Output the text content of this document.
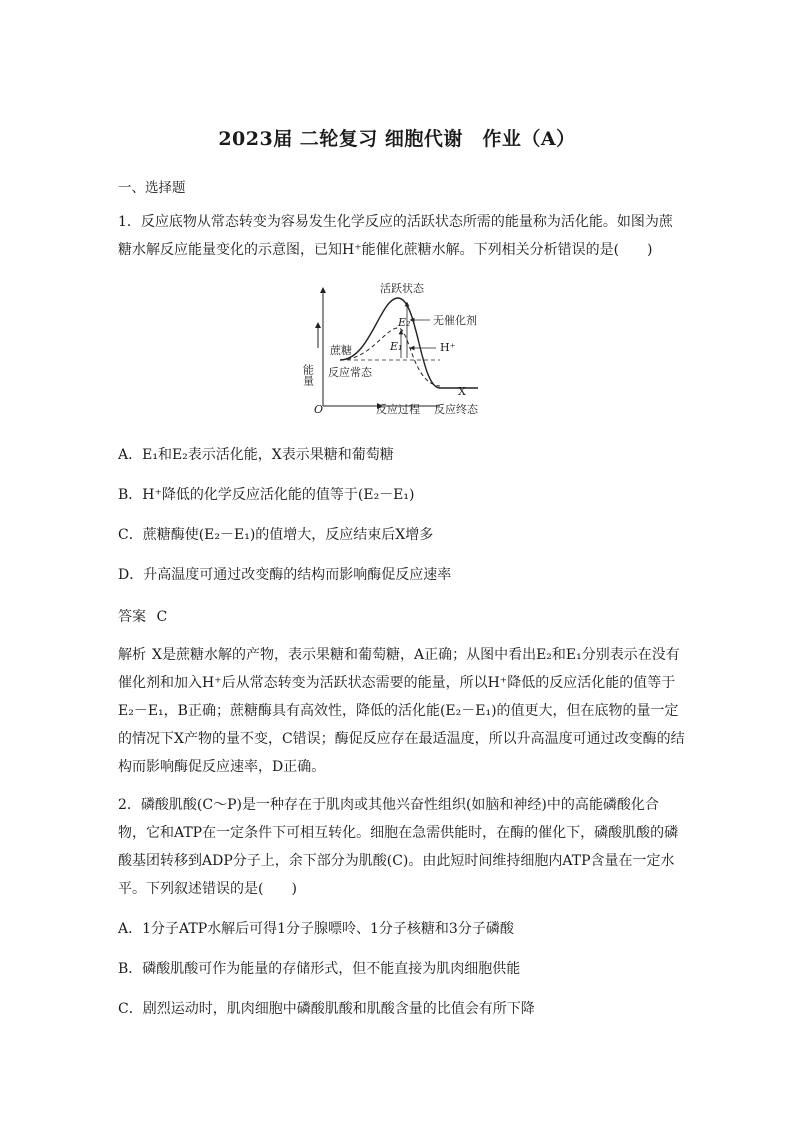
2023届 二轮复习 细胞代谢　作业（A）
一、选择题

1．反应底物从常态转变为容易发生化学反应的活跃状态所需的能量称为活化能。如图为蔗糖水解反应能量变化的示意图，已知H⁺能催化蔗糖水解。下列相关分析错误的是(　　)

活跃状态
无催化剂
H⁺
E₂
E₁
蔗糖
反应常态
能量
O
X
反应过程 反应终态
A．E₁和E₂表示活化能，X表示果糖和葡萄糖
B．H⁺降低的化学反应活化能的值等于(E₂－E₁)
C．蔗糖酶使(E₂－E₁)的值增大，反应结束后X增多
D．升高温度可通过改变酶的结构而影响酶促反应速率
答案 C

解析 X是蔗糖水解的产物，表示果糖和葡萄糖，A正确；从图中看出E₂和E₁分别表示在没有催化剂和加入H⁺后从常态转变为活跃状态需要的能量，所以H⁺降低的反应活化能的值等于E₂－E₁，B正确；蔗糖酶具有高效性，降低的活化能(E₂－E₁)的值更大，但在底物的量一定的情况下X产物的量不变，C错误；酶促反应存在最适温度，所以升高温度可通过改变酶的结构而影响酶促反应速率，D正确。

2．磷酸肌酸(C～P)是一种存在于肌肉或其他兴奋性组织(如脑和神经)中的高能磷酸化合物，它和ATP在一定条件下可相互转化。细胞在急需供能时，在酶的催化下，磷酸肌酸的磷酸基团转移到ADP分子上，余下部分为肌酸(C)。由此短时间维持细胞内ATP含量在一定水平。下列叙述错误的是(　　)

A．1分子ATP水解后可得1分子腺嘌呤、1分子核糖和3分子磷酸
B．磷酸肌酸可作为能量的存储形式，但不能直接为肌肉细胞供能
C．剧烈运动时，肌肉细胞中磷酸肌酸和肌酸含量的比值会有所下降
